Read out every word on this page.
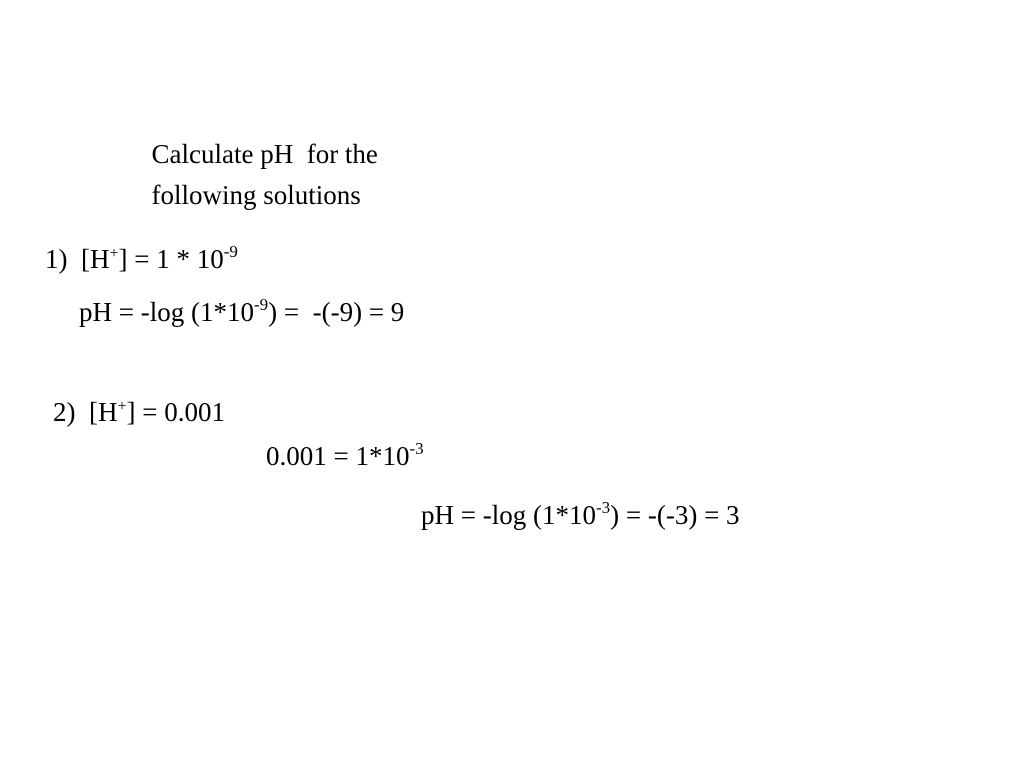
Calculate pH  for the

following solutions

1)  $[H^+] = 1 * 10^{-9}$
pH = -log $(1*10^{-9}) = -(-9) = 9$
2)  [H+] = 0.001
$0.001 = 1*10^{-3}$
pH = -log $(1*10^{-3}) = -(-3) = 3$
